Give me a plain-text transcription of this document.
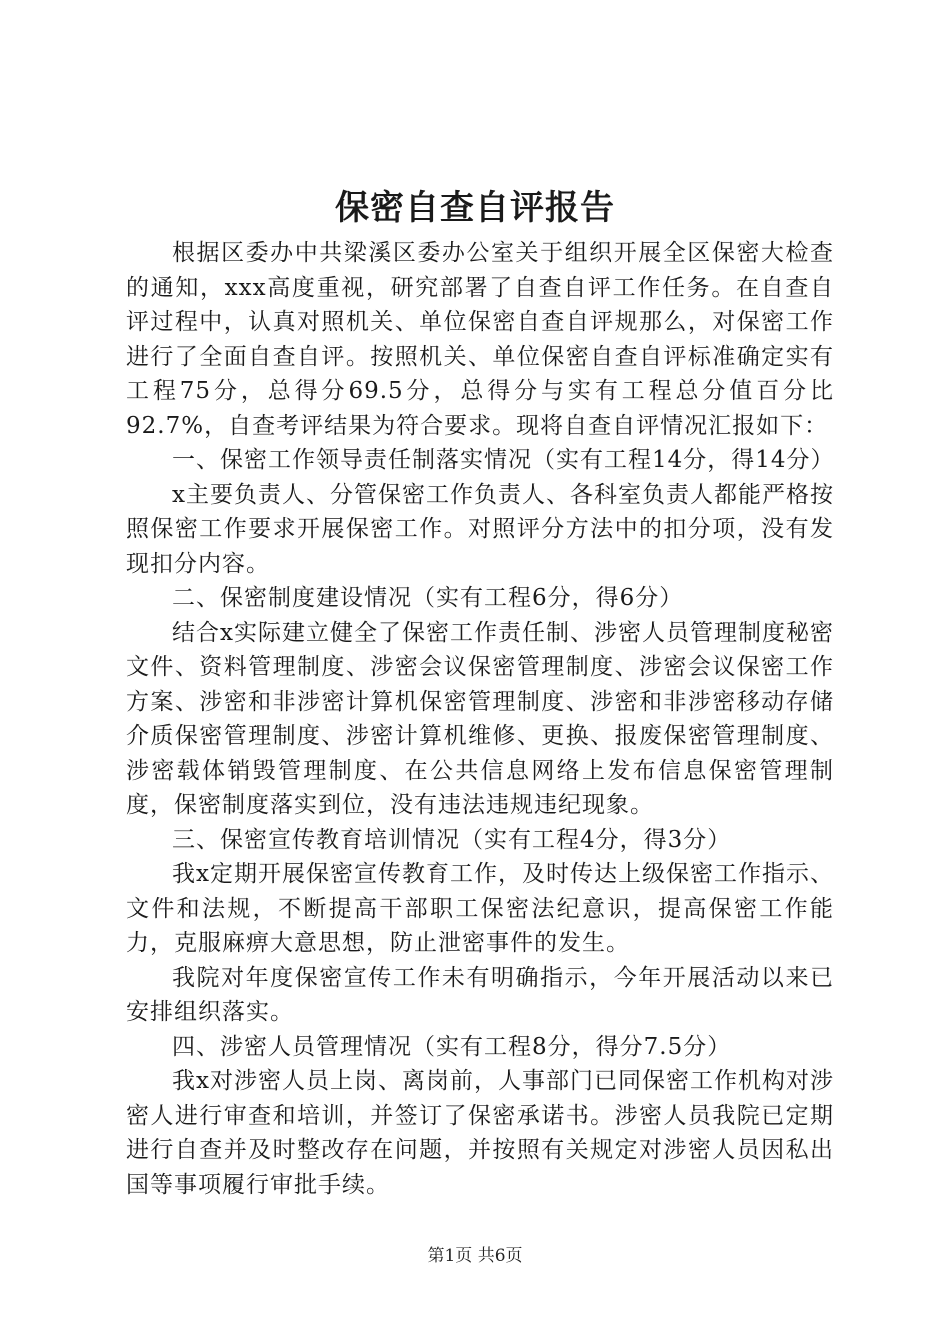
保密自查自评报告

根据区委办中共梁溪区委办公室关于组织开展全区保密大检查的通知，xxx高度重视，研究部署了自查自评工作任务。在自查自评过程中，认真对照机关、单位保密自查自评规那么，对保密工作进行了全面自查自评。按照机关、单位保密自查自评标准确定实有工程75分，总得分69.5分，总得分与实有工程总分值百分比92.7%，自查考评结果为符合要求。现将自查自评情况汇报如下：

一、保密工作领导责任制落实情况（实有工程14分，得14分）

x主要负责人、分管保密工作负责人、各科室负责人都能严格按照保密工作要求开展保密工作。对照评分方法中的扣分项，没有发现扣分内容。

二、保密制度建设情况（实有工程6分，得6分）

结合x实际建立健全了保密工作责任制、涉密人员管理制度秘密文件、资料管理制度、涉密会议保密管理制度、涉密会议保密工作方案、涉密和非涉密计算机保密管理制度、涉密和非涉密移动存储介质保密管理制度、涉密计算机维修、更换、报废保密管理制度、涉密载体销毁管理制度、在公共信息网络上发布信息保密管理制度，保密制度落实到位，没有违法违规违纪现象。

三、保密宣传教育培训情况（实有工程4分，得3分）

我x定期开展保密宣传教育工作，及时传达上级保密工作指示、文件和法规，不断提高干部职工保密法纪意识，提高保密工作能力，克服麻痹大意思想，防止泄密事件的发生。

我院对年度保密宣传工作未有明确指示，今年开展活动以来已安排组织落实。

四、涉密人员管理情况（实有工程8分，得分7.5分）

我x对涉密人员上岗、离岗前，人事部门已同保密工作机构对涉密人进行审查和培训，并签订了保密承诺书。涉密人员我院已定期进行自查并及时整改存在问题，并按照有关规定对涉密人员因私出国等事项履行审批手续。

第1页 共6页
